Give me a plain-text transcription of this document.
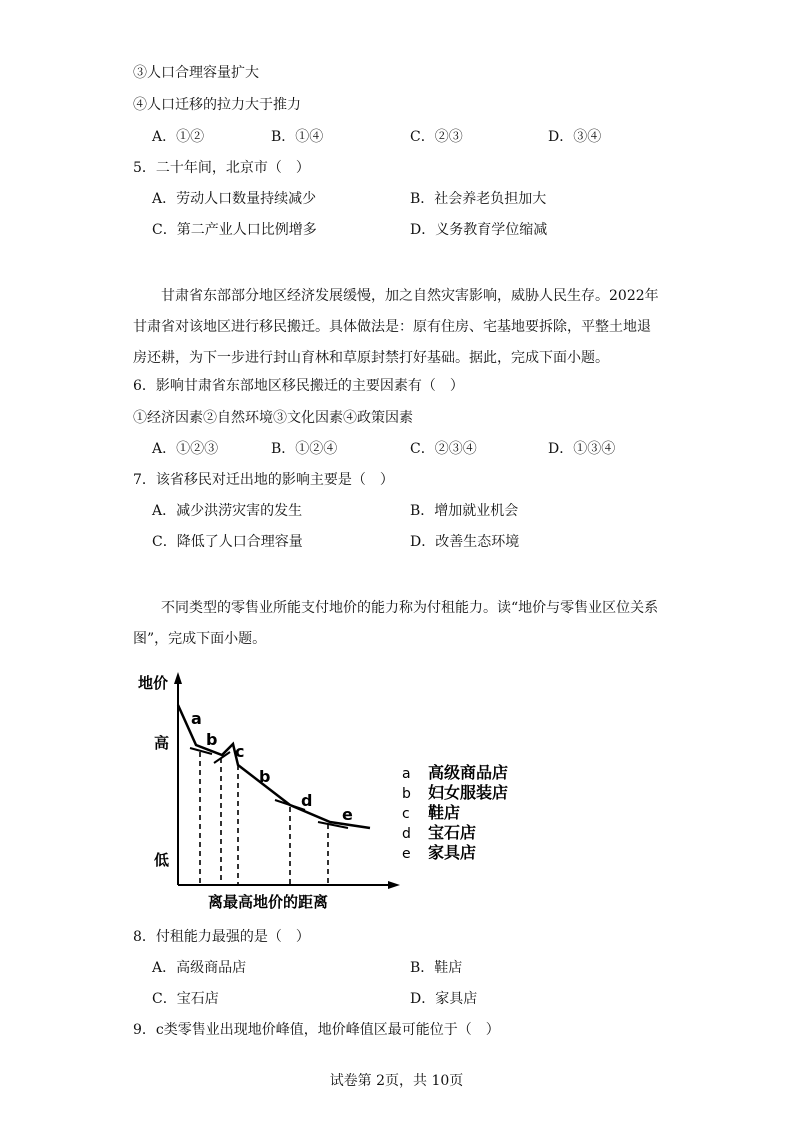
③人口合理容量扩大
④人口迁移的拉力大于推力
A．①②	B．①④	C．②③	D．③④
5．二十年间，北京市（　）
A．劳动人口数量持续减少	B．社会养老负担加大
C．第二产业人口比例增多	D．义务教育学位缩减
甘肃省东部部分地区经济发展缓慢，加之自然灾害影响，威胁人民生存。2022年甘肃省对该地区进行移民搬迁。具体做法是：原有住房、宅基地要拆除，平整土地退房还耕，为下一步进行封山育林和草原封禁打好基础。据此，完成下面小题。
6．影响甘肃省东部地区移民搬迁的主要因素有（　）
①经济因素②自然环境③文化因素④政策因素
A．①②③	B．①②④	C．②③④	D．①③④
7．该省移民对迁出地的影响主要是（　）
A．减少洪涝灾害的发生	B．增加就业机会
C．降低了人口合理容量	D．改善生态环境
不同类型的零售业所能支付地价的能力称为付租能力。读“地价与零售业区位关系图”，完成下面小题。
地价
高
低
离最高地价的距离
a
b
c
b
d
e
a 高级商品店
b 妇女服装店
c 鞋店
d 宝石店
e 家具店
8．付租能力最强的是（　）
A．高级商品店	B．鞋店
C．宝石店	D．家具店
9．c类零售业出现地价峰值，地价峰值区最可能位于（　）
试卷第 2页，共 10页
